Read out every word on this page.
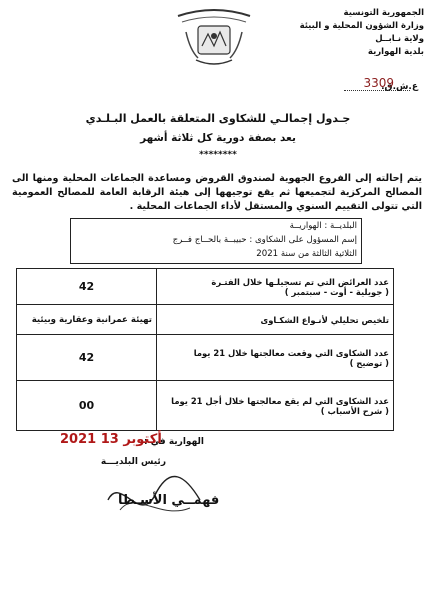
الجمهورية التونسية
وزارة الشؤون المحلية و البيئة
ولاية نـابــل
بلدية الهوارية
ع.ش.ق.
3309
جـدول إجمالـي للشكاوى المتعلقة بالعمل البـلـدي
يعد بصفة دورية كل ثلاثة أشهر
********
يتم إحالته إلى الفروع الجهوية لصندوق القروض ومساعدة الجماعات المحلية ومنها الى المصالح المركزية لتجميعها ثم يقع توجيهها إلى هيئة الرقابة العامة للمصالح العمومية التي تتولى التقييم السنوي والمستقل لأداء الجماعات المحلية .
البلديــة : الهواريــة
إسم المسؤول على الشكاوى : حبيبــة بالحــاج فــرج
الثلاثية الثالثة من سنة 2021
عدد العرائض التي تم تسجيلـها خلال الفتـرة
( جويلية - أوت - سبتمبر )	42

تلخيص تحليلي لأنـواع الشكـاوى	تهيئة عمرانية وعقارية وبيئية

عدد الشكاوى التي وقعت معالجتها خلال 21 يوما
( توضيح )	42

عدد الشكاوى التي لم يقع معالجتها خلال أجل 21 يوما
( شرح الأسباب )	00
الهوارية في :
2021 أكتوبر 13
رئيس البلديـــة
فهمــي الأسـطا
